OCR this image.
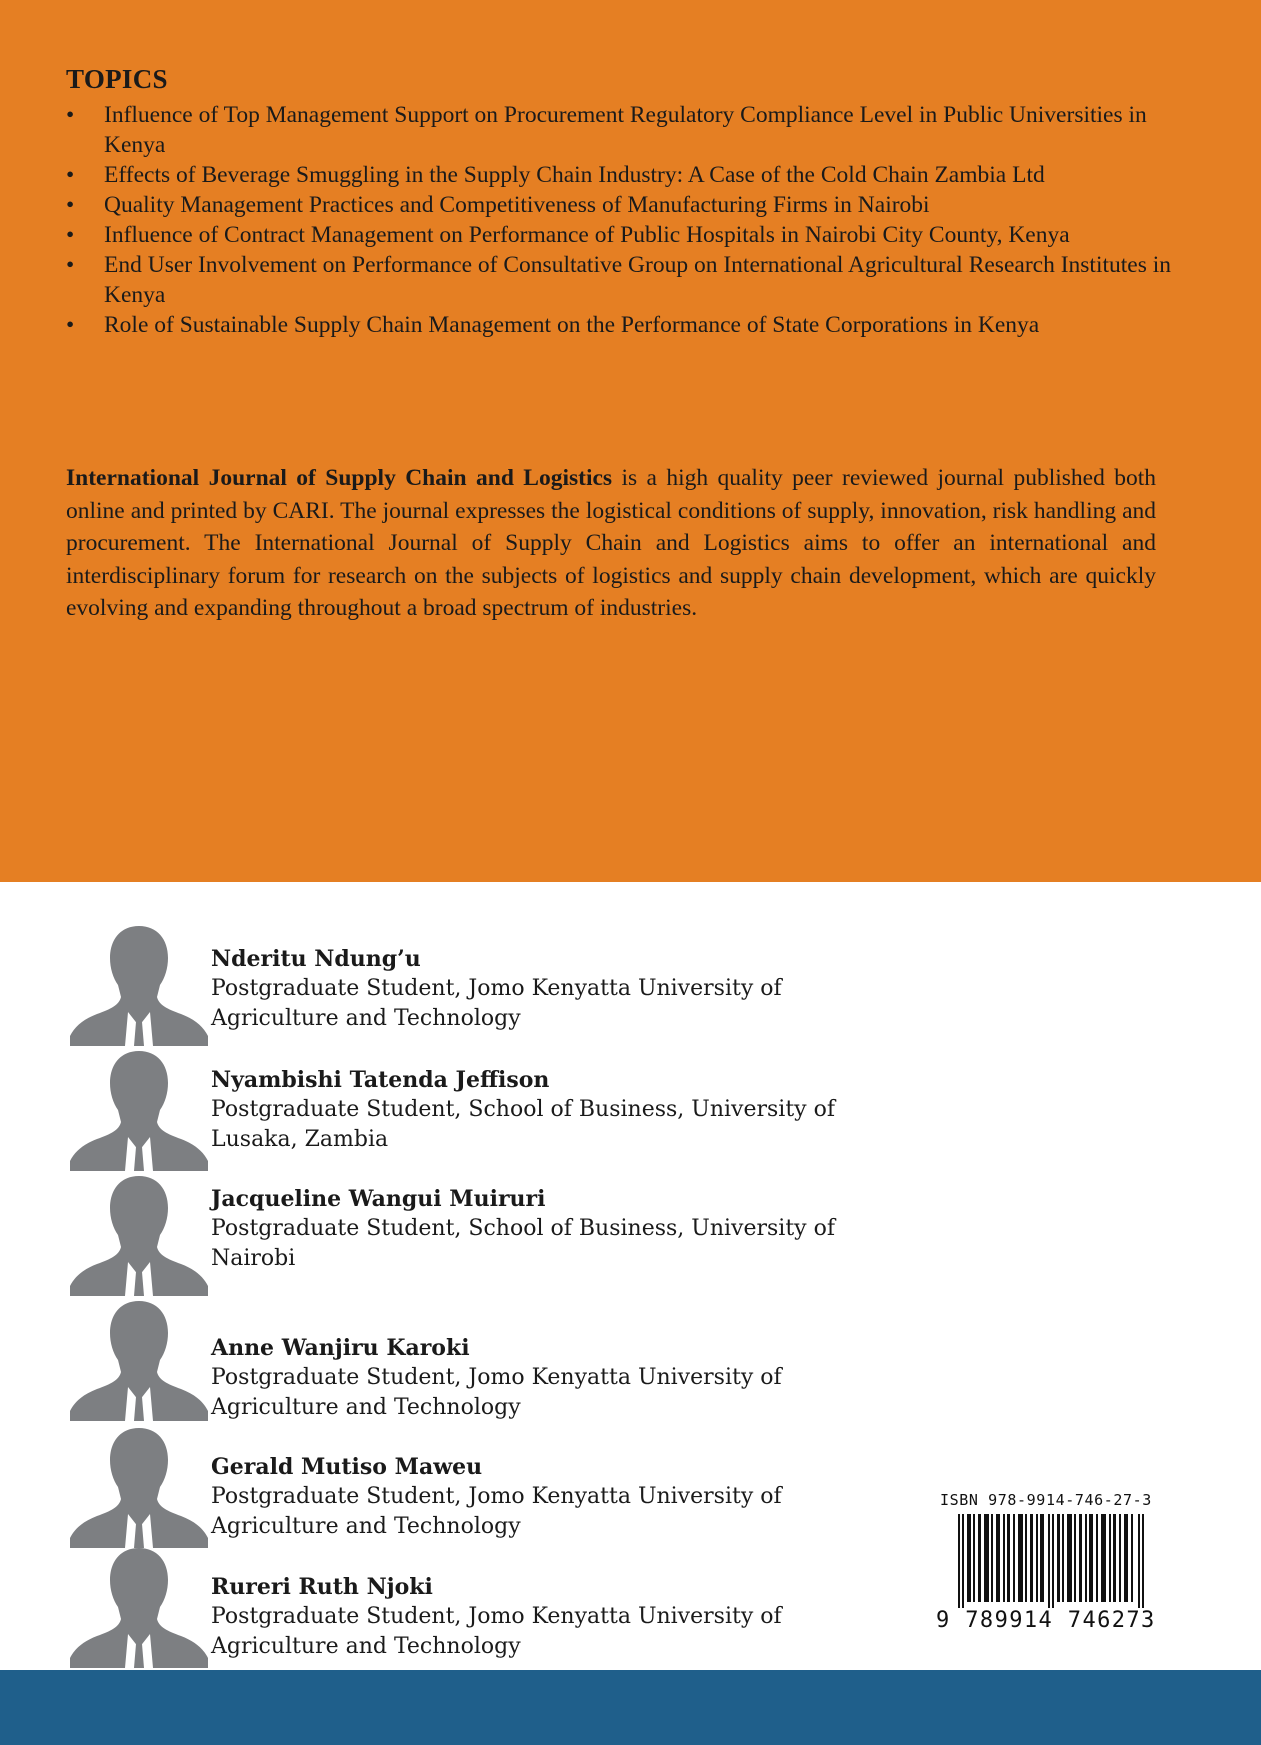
TOPICS
• Influence of Top Management Support on Procurement Regulatory Compliance Level in Public Universities in Kenya
• Effects of Beverage Smuggling in the Supply Chain Industry: A Case of the Cold Chain Zambia Ltd
• Quality Management Practices and Competitiveness of Manufacturing Firms in Nairobi
• Influence of Contract Management on Performance of Public Hospitals in Nairobi City County, Kenya
• End User Involvement on Performance of Consultative Group on International Agricultural Research Institutes in Kenya
• Role of Sustainable Supply Chain Management on the Performance of State Corporations in Kenya

International Journal of Supply Chain and Logistics is a high quality peer reviewed journal published both online and printed by CARI. The journal expresses the logistical conditions of supply, innovation, risk handling and procurement. The International Journal of Supply Chain and Logistics aims to offer an international and interdisciplinary forum for research on the subjects of logistics and supply chain development, which are quickly evolving and expanding throughout a broad spectrum of industries.

Nderitu Ndung’u
Postgraduate Student, Jomo Kenyatta University of Agriculture and Technology
Nyambishi Tatenda Jeffison
Postgraduate Student, School of Business, University of Lusaka, Zambia
Jacqueline Wangui Muiruri
Postgraduate Student, School of Business, University of Nairobi
Anne Wanjiru Karoki
Postgraduate Student, Jomo Kenyatta University of Agriculture and Technology
Gerald Mutiso Maweu
Postgraduate Student, Jomo Kenyatta University of Agriculture and Technology
Rureri Ruth Njoki
Postgraduate Student, Jomo Kenyatta University of Agriculture and Technology
ISBN 978-9914-746-27-3
9 789914 746273
